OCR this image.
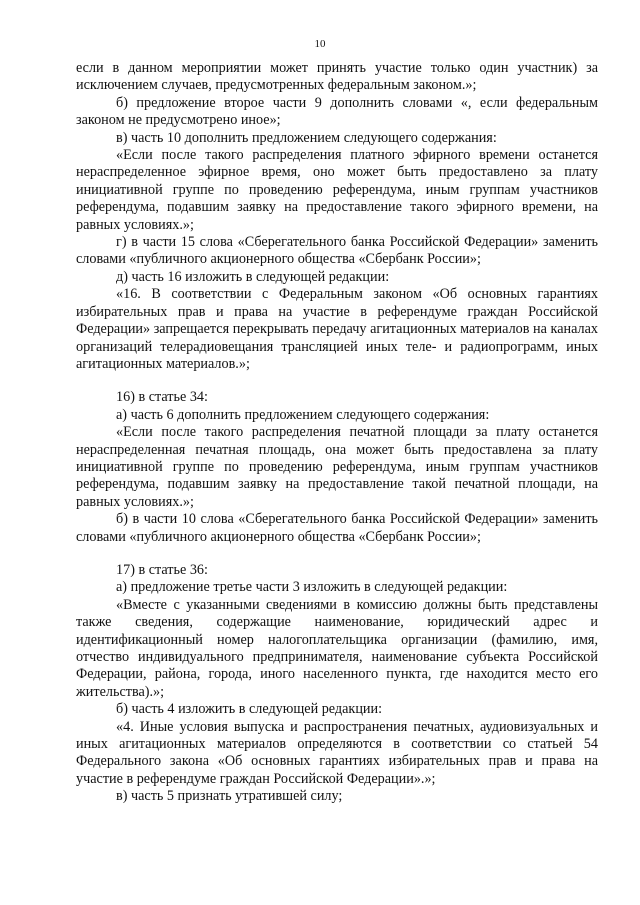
10

если в данном мероприятии может принять участие только один участник) за исключением случаев, предусмотренных федеральным законом.»;

б) предложение второе части 9 дополнить словами «, если федеральным законом не предусмотрено иное»;

в) часть 10 дополнить предложением следующего содержания:

«Если после такого распределения платного эфирного времени останется нераспределенное эфирное время, оно может быть предоставлено за плату инициативной группе по проведению референдума, иным группам участников референдума, подавшим заявку на предоставление такого эфирного времени, на равных условиях.»;

г) в части 15 слова «Сберегательного банка Российской Федерации» заменить словами «публичного акционерного общества «Сбербанк России»;

д) часть 16 изложить в следующей редакции:

«16. В соответствии с Федеральным законом «Об основных гарантиях избирательных прав и права на участие в референдуме граждан Российской Федерации» запрещается перекрывать передачу агитационных материалов на каналах организаций телерадиовещания трансляцией иных теле- и радиопрограмм, иных агитационных материалов.»;

16) в статье 34:

а) часть 6 дополнить предложением следующего содержания:

«Если после такого распределения печатной площади за плату останется нераспределенная печатная площадь, она может быть предоставлена за плату инициативной группе по проведению референдума, иным группам участников референдума, подавшим заявку на предоставление такой печатной площади, на равных условиях.»;

б) в части 10 слова «Сберегательного банка Российской Федерации» заменить словами «публичного акционерного общества «Сбербанк России»;

17) в статье 36:

а) предложение третье части 3 изложить в следующей редакции:

«Вместе с указанными сведениями в комиссию должны быть представлены также сведения, содержащие наименование, юридический адрес и идентификационный номер налогоплательщика организации (фамилию, имя, отчество индивидуального предпринимателя, наименование субъекта Российской Федерации, района, города, иного населенного пункта, где находится место его жительства).»;

б) часть 4 изложить в следующей редакции:

«4. Иные условия выпуска и распространения печатных, аудиовизуальных и иных агитационных материалов определяются в соответствии со статьей 54 Федерального закона «Об основных гарантиях избирательных прав и права на участие в референдуме граждан Российской Федерации».»;

в) часть 5 признать утратившей силу;
